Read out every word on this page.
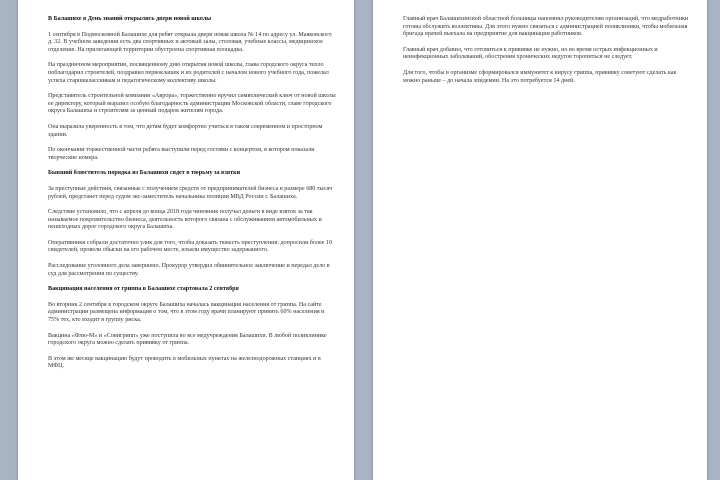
В Балашихе в День знаний открылись двери новой школы

1 сентября в Подмосковной Балашихе для ребят открыла двери новая школа № 14 по адресу ул. Маяковского д. 32. В учебном заведении есть два спортивных и актовый залы, столовая, учебные классы, медицинское отделение. На прилегающей территории обустроена спортивная площадка.

На праздничном мероприятии, посвященному дню открытия новой школы, глава городского округа тепло поблагодарил строителей, поздравил первоклашек и их родителей с началом нового учебного года, пожелал успеха старшеклассникам и педагогическому коллективу школы.

Представитель строительной компании «Аврора», торжественно вручил символический ключ от новой школы ее директору, который выразил особую благодарность администрации Московской области, главе городского округа Балашиха и строителям за ценный подарок жителям города.

Она выразила уверенность в том, что детям будет комфортно учиться в таком современном и просторном здании.

По окончании торжественной части ребята выступили перед гостями с концертом, в котором показали творческие номера.

Бывший блюститель порядка из Балашихи сядет в тюрьму за взятки

За преступные действия, связанные с получением средств от предпринимателей бизнеса в размере 680 тысяч рублей, предстанет перед судом экс-заместитель начальника полиции МВД России г. Балашиха.

Следствие установило, что с апреля до конца 2018 года чиновник получал деньги в виде взяток за так называемое покровительство бизнеса, деятельность которого связана с обслуживанием автомобильных и пешеходных дорог городского округа Балашиха.

Оперативники собрали достаточно улик для того, чтобы доказать тяжесть преступления: допросили более 10 свидетелей, провели обыски на его рабочем месте, изъяли имущество задержанного.

Расследование уголовного дела завершено. Прокурор утвердил обвинительное заключение и передал дело в суд для рассмотрения по существу.

Вакцинация населения от гриппа в Балашихе стартовала 2 сентября

Во вторник 2 сентября в городском округе Балашиха началась вакцинация населения от гриппа. На сайте администрации размещена информация о том, что в этом году врачи планируют привить 60% населения и 75% тех, кто входит в группу риска.

Вакцина «Флю-М» и «Совигрипп» уже поступила во все медучреждения Балашихи. В любой поликлинике городского округа можно сделать прививку от гриппа.

В этом же месяце вакцинацию будут проводить в мобильных пунктах на железнодорожных станциях и в МФЦ.

Главный врач Балашихинской областной больницы напомнил руководителям организаций, что медработники готовы обслужить коллективы. Для этого нужно связаться с администрацией поликлиники, чтобы мобильная бригада врачей выехала на предприятие для вакцинации работников.

Главный врач добавил, что готовиться к прививке не нужно, но во время острых инфекционных и неинфекционных заболеваний, обострения хронических недугов торопиться не следует.

Для того, чтобы в организме сформировался иммунитет к вирусу гриппа, прививку советуют сделать как можно раньше – до начала эпидемии. На это потребуется 14 дней.
